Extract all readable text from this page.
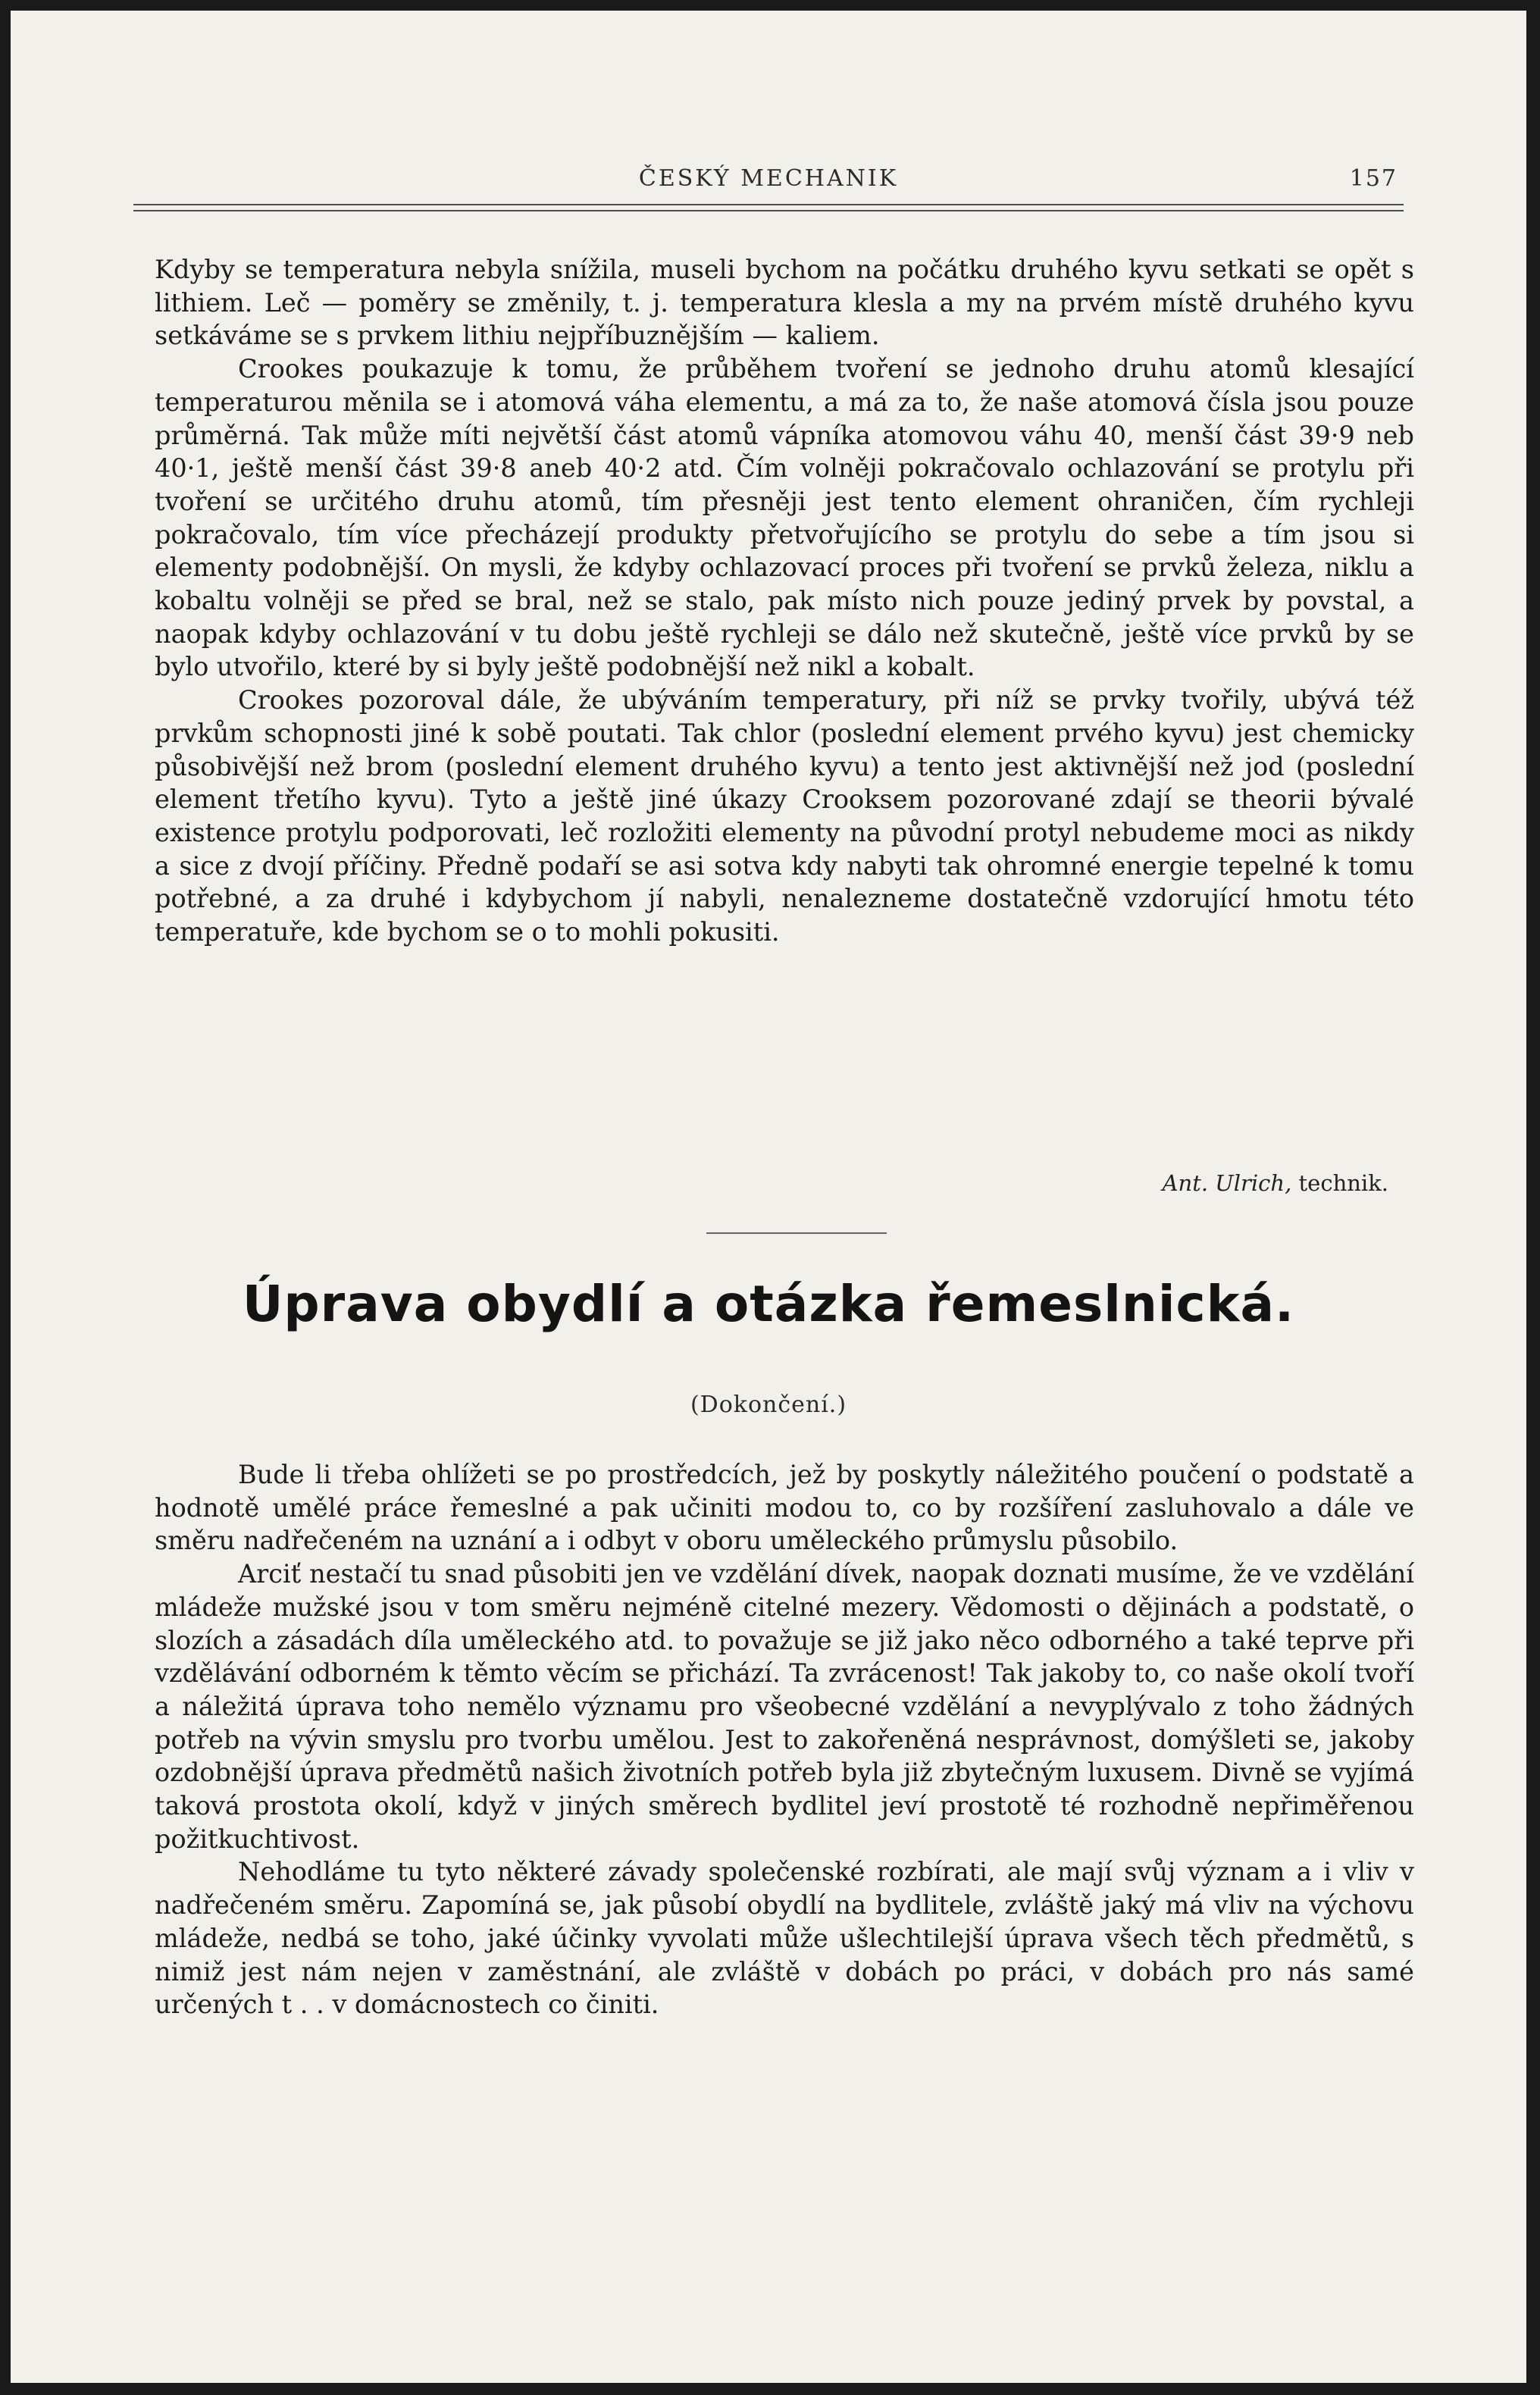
ČESKÝ MECHANIK	157

Kdyby se temperatura nebyla snížila, museli bychom na počátku druhého kyvu setkati se opět s lithiem. Leč — poměry se změnily, t. j. temperatura klesla a my na prvém místě druhého kyvu setkáváme se s prvkem lithiu nejpříbuznějším — kaliem.

Crookes poukazuje k tomu, že průběhem tvoření se jednoho druhu atomů klesající temperaturou měnila se i atomová váha elementu, a má za to, že naše atomová čísla jsou pouze průměrná. Tak může míti největší část atomů vápníka atomovou váhu 40, menší část 39·9 neb 40·1, ještě menší část 39·8 aneb 40·2 atd. Čím volněji pokračovalo ochlazování se protylu při tvoření se určitého druhu atomů, tím přesněji jest tento element ohraničen, čím rychleji pokračovalo, tím více přecházejí produkty přetvořujícího se protylu do sebe a tím jsou si elementy podobnější. On mysli, že kdyby ochlazovací proces při tvoření se prvků železa, niklu a kobaltu volněji se před se bral, než se stalo, pak místo nich pouze jediný prvek by povstal, a naopak kdyby ochlazování v tu dobu ještě rychleji se dálo než skutečně, ještě více prvků by se bylo utvořilo, které by si byly ještě podobnější než nikl a kobalt.

Crookes pozoroval dále, že ubýváním temperatury, při níž se prvky tvořily, ubývá též prvkům schopnosti jiné k sobě poutati. Tak chlor (poslední element prvého kyvu) jest chemicky působivější než brom (poslední element druhého kyvu) a tento jest aktivnější než jod (poslední element třetího kyvu). Tyto a ještě jiné úkazy Crooksem pozorované zdají se theorii bývalé existence protylu podporovati, leč rozložiti elementy na původní protyl nebudeme moci as nikdy a sice z dvojí příčiny. Předně podaří se asi sotva kdy nabyti tak ohromné energie tepelné k tomu potřebné, a za druhé i kdybychom jí nabyli, nenalezneme dostatečně vzdorující hmotu této temperatuře, kde bychom se o to mohli pokusiti.

Ant. Ulrich, technik.
Úprava obydlí a otázka řemeslnická.
(Dokončení.)

Bude li třeba ohlížeti se po prostředcích, jež by poskytly náležitého poučení o podstatě a hodnotě umělé práce řemeslné a pak učiniti modou to, co by rozšíření zasluhovalo a dále ve směru nadřečeném na uznání a i odbyt v oboru uměleckého průmyslu působilo.

Arciť nestačí tu snad působiti jen ve vzdělání dívek, naopak doznati musíme, že ve vzdělání mládeže mužské jsou v tom směru nejméně citelné mezery. Vědomosti o dějinách a podstatě, o slozích a zásadách díla uměleckého atd. to považuje se již jako něco odborného a také teprve při vzdělávání odborném k těmto věcím se přichází. Ta zvrácenost! Tak jakoby to, co naše okolí tvoří a náležitá úprava toho nemělo významu pro všeobecné vzdělání a nevyplývalo z toho žádných potřeb na vývin smyslu pro tvorbu umělou. Jest to zakořeněná nesprávnost, domýšleti se, jakoby ozdobnější úprava předmětů našich životních potřeb byla již zbytečným luxusem. Divně se vyjímá taková prostota okolí, když v jiných směrech bydlitel jeví prostotě té rozhodně nepřiměřenou požitkuchtivost.

Nehodláme tu tyto některé závady společenské rozbírati, ale mají svůj význam a i vliv v nadřečeném směru. Zapomíná se, jak působí obydlí na bydlitele, zvláště jaký má vliv na výchovu mládeže, nedbá se toho, jaké účinky vyvolati může ušlechtilejší úprava všech těch předmětů, s nimiž jest nám nejen v zaměstnání, ale zvláště v dobách po práci, v dobách pro nás samé určených t . . v domácnostech co činiti.
